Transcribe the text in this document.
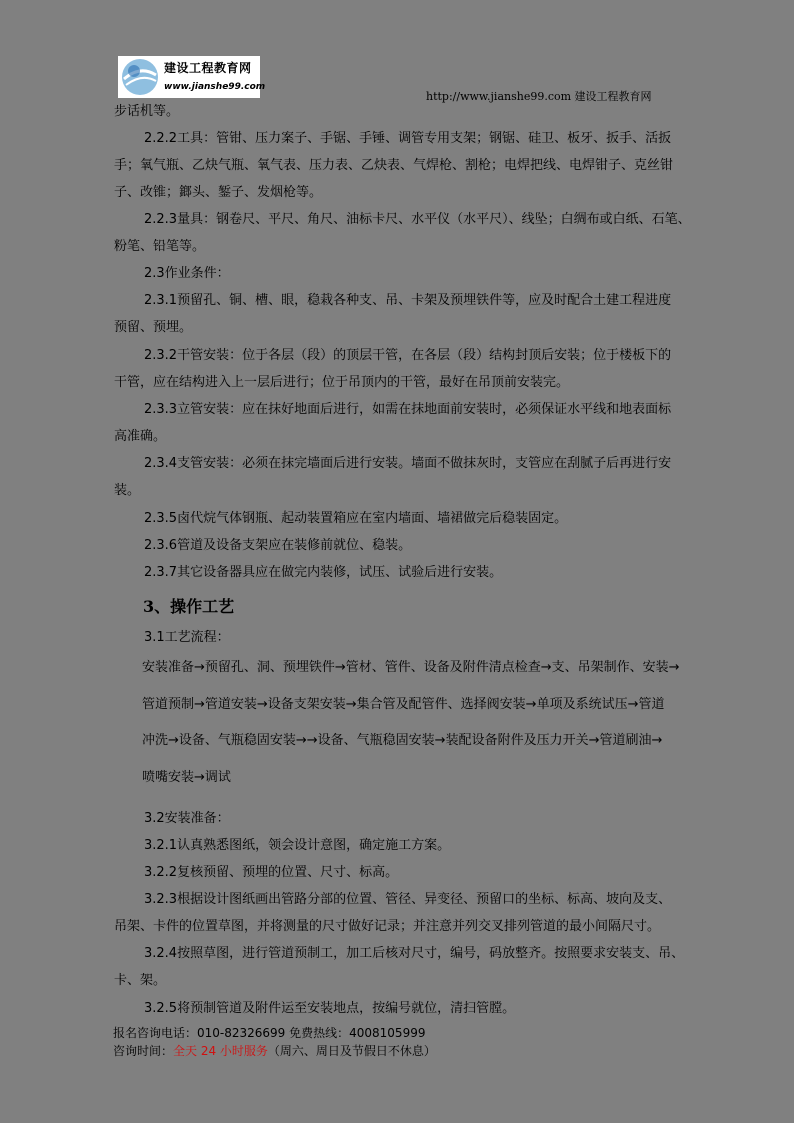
建设工程教育网
www.jianshe99.com
http://www.jianshe99.com 建设工程教育网
步话机等。
2.2.2工具：管钳、压力案子、手锯、手锤、调管专用支架；钢锯、硅卫、板牙、扳手、活扳
手；氧气瓶、乙炔气瓶、氧气表、压力表、乙炔表、气焊枪、割枪；电焊把线、电焊钳子、克丝钳
子、改锥；鎯头、錾子、发烟枪等。
2.2.3量具：钢卷尺、平尺、角尺、油标卡尺、水平仪（水平尺）、线坠；白绸布或白纸、石笔、
粉笔、铅笔等。
2.3作业条件：
2.3.1预留孔、铜、槽、眼，稳栽各种支、吊、卡架及预埋铁件等，应及时配合土建工程进度
预留、预埋。
2.3.2干管安装：位于各层（段）的顶层干管，在各层（段）结构封顶后安装；位于楼板下的
干管，应在结构进入上一层后进行；位于吊顶内的干管，最好在吊顶前安装完。
2.3.3立管安装：应在抹好地面后进行，如需在抹地面前安装时，必须保证水平线和地表面标
高准确。
2.3.4支管安装：必须在抹完墙面后进行安装。墙面不做抹灰时，支管应在刮腻子后再进行安
装。
2.3.5卤代烷气体钢瓶、起动装置箱应在室内墙面、墙裙做完后稳装固定。
2.3.6管道及设备支架应在装修前就位、稳装。
2.3.7其它设备器具应在做完内装修，试压、试验后进行安装。
3、操作工艺
3.1工艺流程：
安装准备→预留孔、洞、预埋铁件→管材、管件、设备及附件清点检查→支、吊架制作、安装→
管道预制→管道安装→设备支架安装→集合管及配管件、选择阀安装→单项及系统试压→管道
冲洗→设备、气瓶稳固安装→→设备、气瓶稳固安装→装配设备附件及压力开关→管道刷油→
喷嘴安装→调试
3.2安装准备：
3.2.1认真熟悉图纸，领会设计意图，确定施工方案。
3.2.2复核预留、预埋的位置、尺寸、标高。
3.2.3根据设计图纸画出管路分部的位置、管径、异变径、预留口的坐标、标高、坡向及支、
吊架、卡件的位置草图，并将测量的尺寸做好记录；并注意并列交叉排列管道的最小间隔尺寸。
3.2.4按照草图，进行管道预制工，加工后核对尺寸，编号，码放整齐。按照要求安装支、吊、
卡、架。
3.2.5将预制管道及附件运至安装地点，按编号就位，清扫管膛。
报名咨询电话：010-82326699 免费热线：4008105999
咨询时间：全天 24 小时服务（周六、周日及节假日不休息）
